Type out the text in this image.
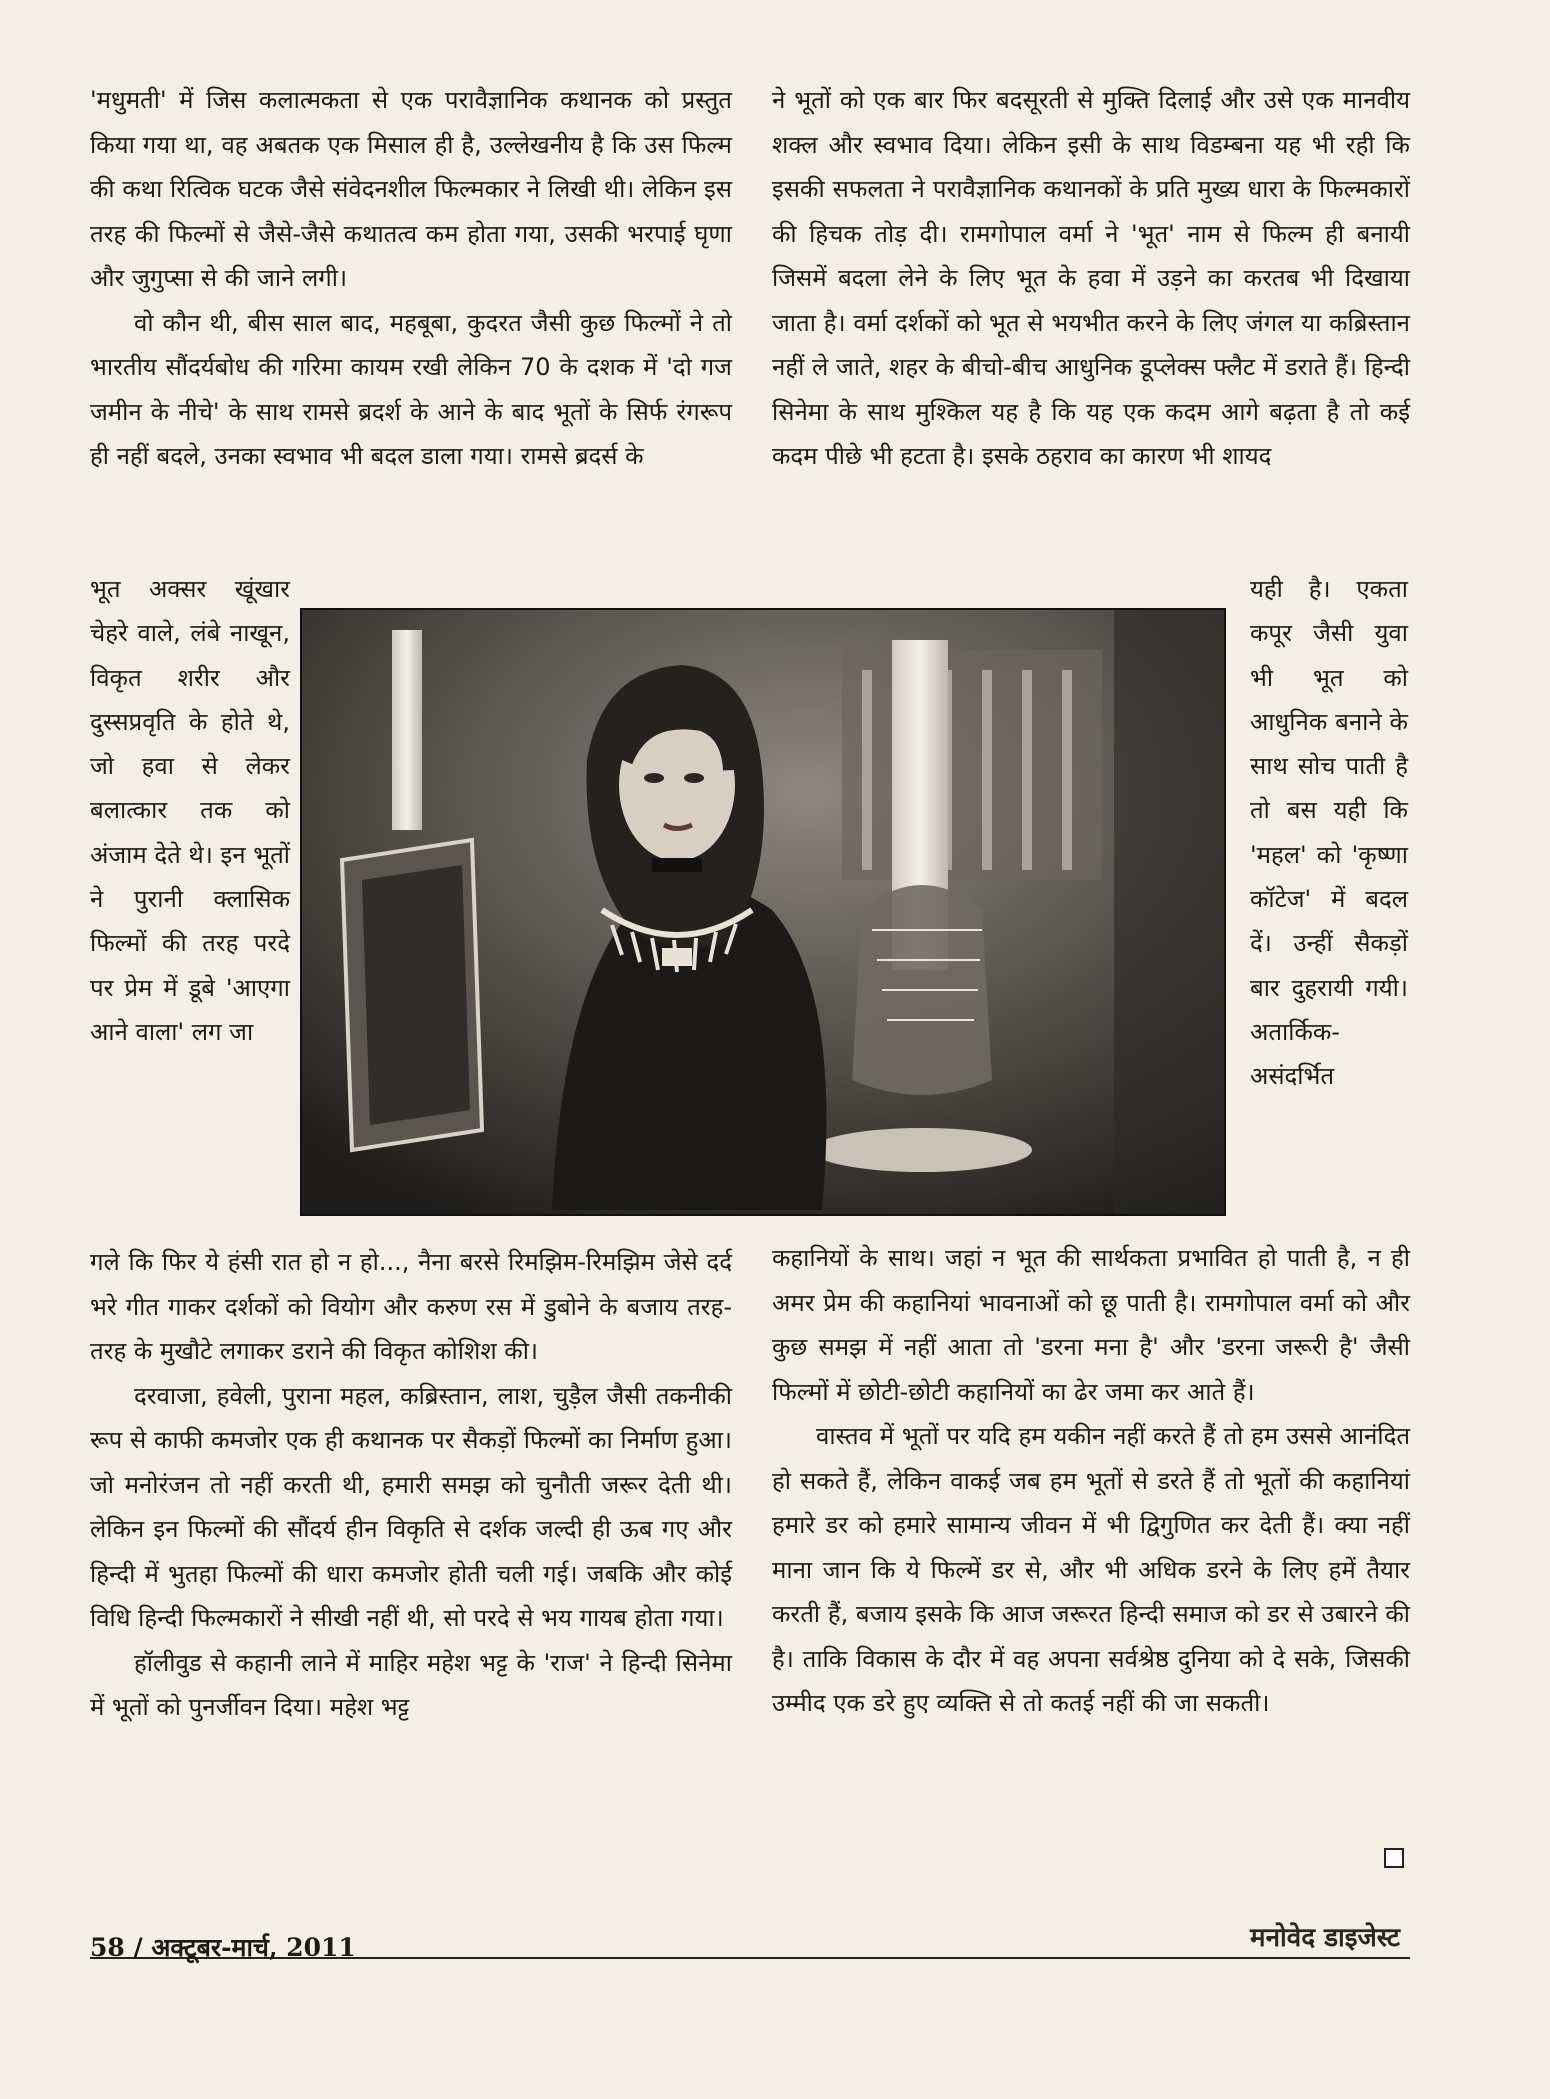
'मधुमती' में जिस कलात्मकता से एक परावैज्ञानिक कथानक को प्रस्तुत किया गया था, वह अबतक एक मिसाल ही है, उल्लेखनीय है कि उस फिल्म की कथा रित्विक घटक जैसे संवेदनशील फिल्मकार ने लिखी थी। लेकिन इस तरह की फिल्मों से जैसे-जैसे कथातत्व कम होता गया, उसकी भरपाई घृणा और जुगुप्सा से की जाने लगी।

वो कौन थी, बीस साल बाद, महबूबा, कुदरत जैसी कुछ फिल्मों ने तो भारतीय सौंदर्यबोध की गरिमा कायम रखी लेकिन 70 के दशक में 'दो गज जमीन के नीचे' के साथ रामसे ब्रदर्श के आने के बाद भूतों के सिर्फ रंगरूप ही नहीं बदले, उनका स्वभाव भी बदल डाला गया। रामसे ब्रदर्स के

ने भूतों को एक बार फिर बदसूरती से मुक्ति दिलाई और उसे एक मानवीय शक्ल और स्वभाव दिया। लेकिन इसी के साथ विडम्बना यह भी रही कि इसकी सफलता ने परावैज्ञानिक कथानकों के प्रति मुख्य धारा के फिल्मकारों की हिचक तोड़ दी। रामगोपाल वर्मा ने 'भूत' नाम से फिल्म ही बनायी जिसमें बदला लेने के लिए भूत के हवा में उड़ने का करतब भी दिखाया जाता है। वर्मा दर्शकों को भूत से भयभीत करने के लिए जंगल या कब्रिस्तान नहीं ले जाते, शहर के बीचो-बीच आधुनिक डूप्लेक्स फ्लैट में डराते हैं। हिन्दी सिनेमा के साथ मुश्किल यह है कि यह एक कदम आगे बढ़ता है तो कई कदम पीछे भी हटता है। इसके ठहराव का कारण भी शायद

भूत अक्सर खूंखार चेहरे वाले, लंबे नाखून, विकृत शरीर और दुस्सप्रवृति के होते थे, जो हवा से लेकर बलात्कार तक को अंजाम देते थे। इन भूतों ने पुरानी क्लासिक फिल्मों की तरह परदे पर प्रेम में डूबे 'आएगा आने वाला' लग जा

यही है। एकता कपूर जैसी युवा भी भूत को आधुनिक बनाने के साथ सोच पाती है तो बस यही कि 'महल' को 'कृष्णा कॉटेज' में बदल दें। उन्हीं सैकड़ों बार दुहरायी गयी। अतार्किक-असंदर्भित

गले कि फिर ये हंसी रात हो न हो..., नैना बरसे रिमझिम-रिमझिम जेसे दर्द भरे गीत गाकर दर्शकों को वियोग और करुण रस में डुबोने के बजाय तरह-तरह के मुखौटे लगाकर डराने की विकृत कोशिश की।

दरवाजा, हवेली, पुराना महल, कब्रिस्तान, लाश, चुड़ैल जैसी तकनीकी रूप से काफी कमजोर एक ही कथानक पर सैकड़ों फिल्मों का निर्माण हुआ। जो मनोरंजन तो नहीं करती थी, हमारी समझ को चुनौती जरूर देती थी। लेकिन इन फिल्मों की सौंदर्य हीन विकृति से दर्शक जल्दी ही ऊब गए और हिन्दी में भुतहा फिल्मों की धारा कमजोर होती चली गई। जबकि और कोई विधि हिन्दी फिल्मकारों ने सीखी नहीं थी, सो परदे से भय गायब होता गया।

हॉलीवुड से कहानी लाने में माहिर महेश भट्ट के 'राज' ने हिन्दी सिनेमा में भूतों को पुनर्जीवन दिया। महेश भट्ट

कहानियों के साथ। जहां न भूत की सार्थकता प्रभावित हो पाती है, न ही अमर प्रेम की कहानियां भावनाओं को छू पाती है। रामगोपाल वर्मा को और कुछ समझ में नहीं आता तो 'डरना मना है' और 'डरना जरूरी है' जैसी फिल्मों में छोटी-छोटी कहानियों का ढेर जमा कर आते हैं।

वास्तव में भूतों पर यदि हम यकीन नहीं करते हैं तो हम उससे आनंदित हो सकते हैं, लेकिन वाकई जब हम भूतों से डरते हैं तो भूतों की कहानियां हमारे डर को हमारे सामान्य जीवन में भी द्विगुणित कर देती हैं। क्या नहीं माना जान कि ये फिल्में डर से, और भी अधिक डरने के लिए हमें तैयार करती हैं, बजाय इसके कि आज जरूरत हिन्दी समाज को डर से उबारने की है। ताकि विकास के दौर में वह अपना सर्वश्रेष्ठ दुनिया को दे सके, जिसकी उम्मीद एक डरे हुए व्यक्ति से तो कतई नहीं की जा सकती।

58 / अक्टूबर-मार्च, 2011	मनोवेद डाइजेस्ट
